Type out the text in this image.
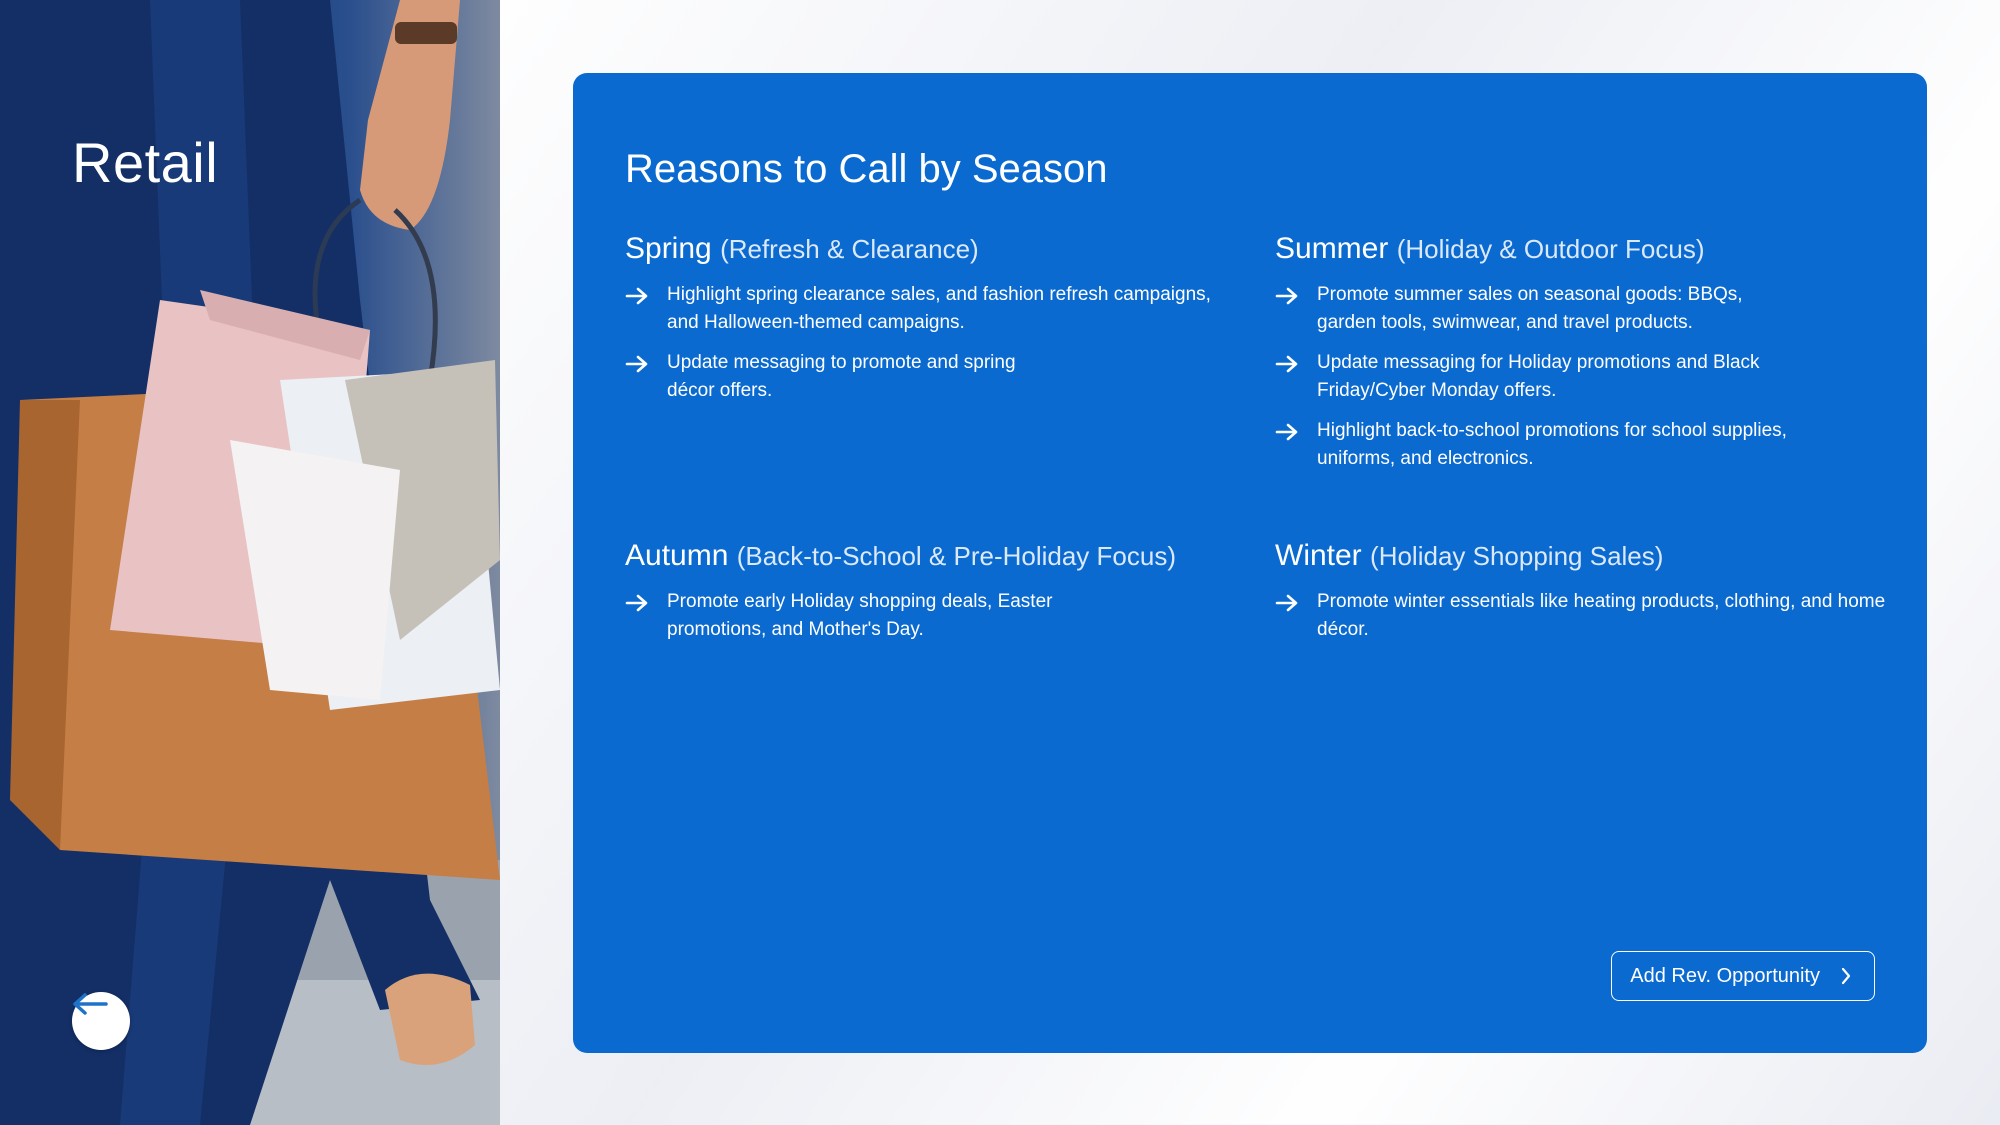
Retail	Reasons to Call by Season
Spring (Refresh & Clearance)
Highlight spring clearance sales, and fashion refresh campaigns, and Halloween-themed campaigns.
Update messaging to promote and spring décor offers.
Summer (Holiday & Outdoor Focus)
Promote summer sales on seasonal goods: BBQs, garden tools, swimwear, and travel products.
Update messaging for Holiday promotions and Black Friday/Cyber Monday offers.
Highlight back-to-school promotions for school supplies, uniforms, and electronics.
Autumn (Back-to-School & Pre-Holiday Focus)
Promote early Holiday shopping deals, Easter promotions, and Mother's Day.
Winter (Holiday Shopping Sales)
Promote winter essentials like heating products, clothing, and home décor.
Add Rev. Opportunity
